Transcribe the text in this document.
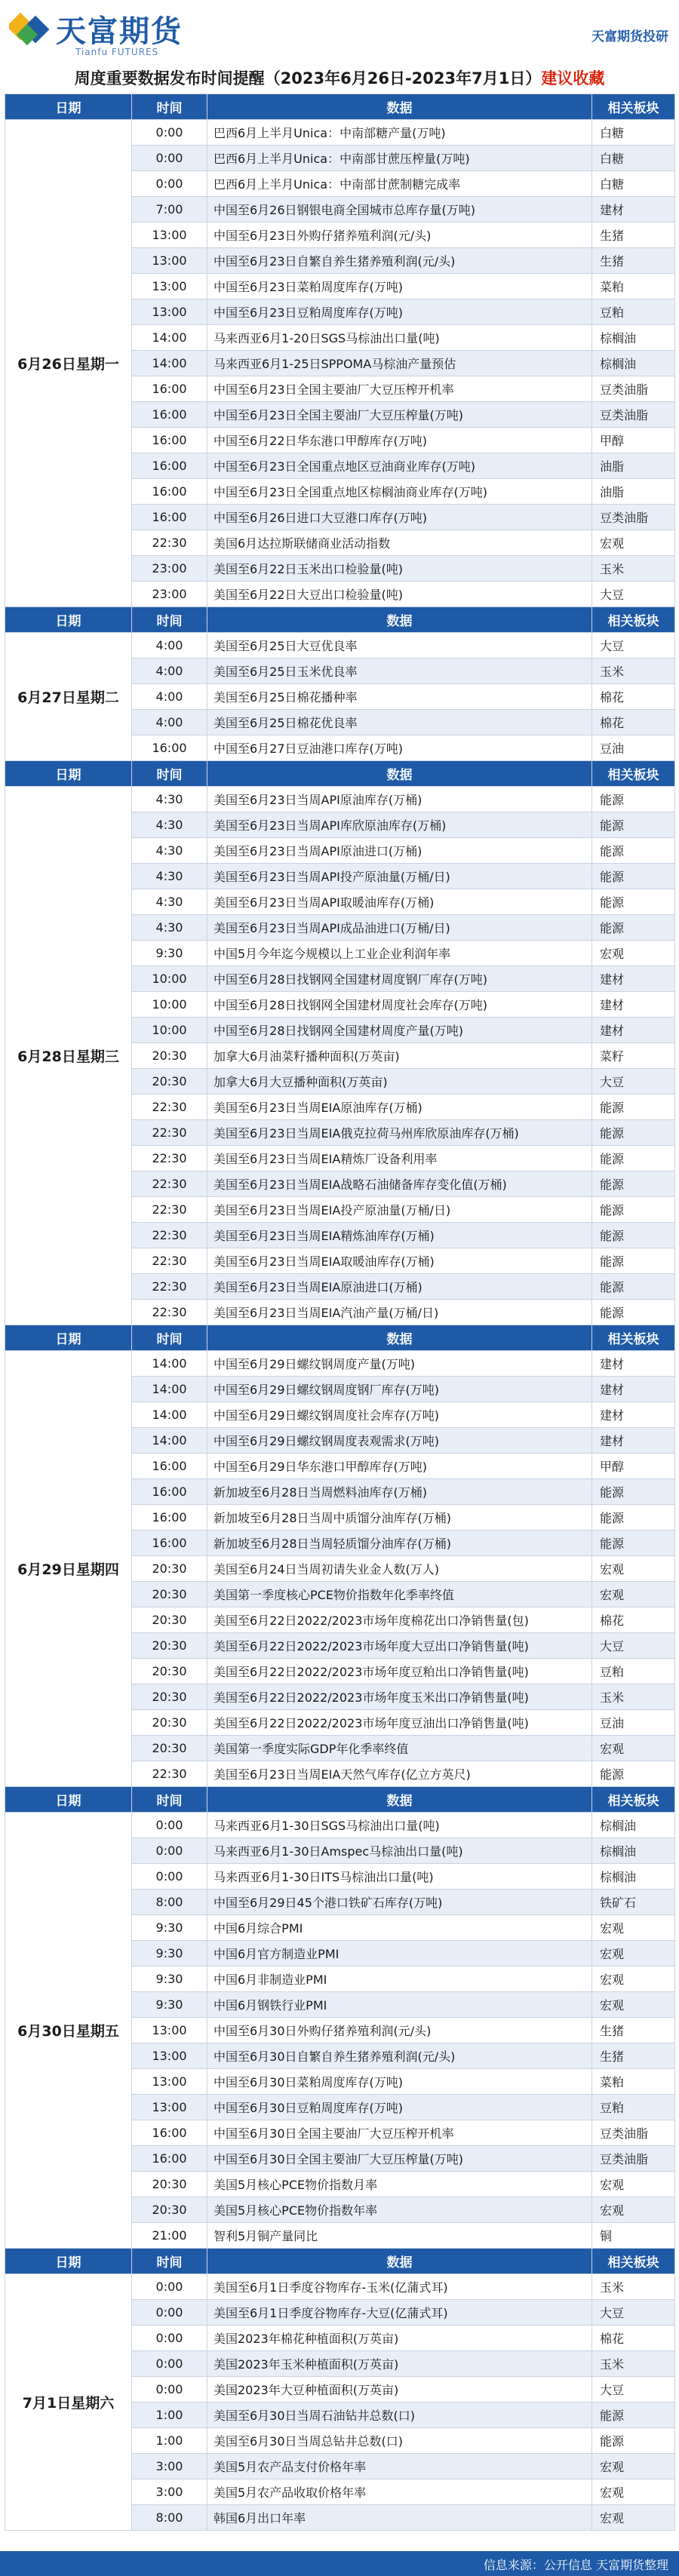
天富期货
Tianfu FUTURES
天富期货投研
周度重要数据发布时间提醒（2023年6月26日-2023年7月1日）建议收藏
日期	时间	数据	相关板块
6月26日星期一	0:00	巴西6月上半月Unica：中南部糖产量(万吨)	白糖
	0:00	巴西6月上半月Unica：中南部甘蔗压榨量(万吨)	白糖
	0:00	巴西6月上半月Unica：中南部甘蔗制糖完成率	白糖
	7:00	中国至6月26日钢银电商全国城市总库存量(万吨)	建材
	13:00	中国至6月23日外购仔猪养殖利润(元/头)	生猪
	13:00	中国至6月23日自繁自养生猪养殖利润(元/头)	生猪
	13:00	中国至6月23日菜粕周度库存(万吨)	菜粕
	13:00	中国至6月23日豆粕周度库存(万吨)	豆粕
	14:00	马来西亚6月1-20日SGS马棕油出口量(吨)	棕榈油
	14:00	马来西亚6月1-25日SPPOMA马棕油产量预估	棕榈油
	16:00	中国至6月23日全国主要油厂大豆压榨开机率	豆类油脂
	16:00	中国至6月23日全国主要油厂大豆压榨量(万吨)	豆类油脂
	16:00	中国至6月22日华东港口甲醇库存(万吨)	甲醇
	16:00	中国至6月23日全国重点地区豆油商业库存(万吨)	油脂
	16:00	中国至6月23日全国重点地区棕榈油商业库存(万吨)	油脂
	16:00	中国至6月26日进口大豆港口库存(万吨)	豆类油脂
	22:30	美国6月达拉斯联储商业活动指数	宏观
	23:00	美国至6月22日玉米出口检验量(吨)	玉米
	23:00	美国至6月22日大豆出口检验量(吨)	大豆
日期	时间	数据	相关板块
6月27日星期二	4:00	美国至6月25日大豆优良率	大豆
	4:00	美国至6月25日玉米优良率	玉米
	4:00	美国至6月25日棉花播种率	棉花
	4:00	美国至6月25日棉花优良率	棉花
	16:00	中国至6月27日豆油港口库存(万吨)	豆油
日期	时间	数据	相关板块
6月28日星期三	4:30	美国至6月23日当周API原油库存(万桶)	能源
	4:30	美国至6月23日当周API库欣原油库存(万桶)	能源
	4:30	美国至6月23日当周API原油进口(万桶)	能源
	4:30	美国至6月23日当周API投产原油量(万桶/日)	能源
	4:30	美国至6月23日当周API取暖油库存(万桶)	能源
	4:30	美国至6月23日当周API成品油进口(万桶/日)	能源
	9:30	中国5月今年迄今规模以上工业企业利润年率	宏观
	10:00	中国至6月28日找钢网全国建材周度钢厂库存(万吨)	建材
	10:00	中国至6月28日找钢网全国建材周度社会库存(万吨)	建材
	10:00	中国至6月28日找钢网全国建材周度产量(万吨)	建材
	20:30	加拿大6月油菜籽播种面积(万英亩)	菜籽
	20:30	加拿大6月大豆播种面积(万英亩)	大豆
	22:30	美国至6月23日当周EIA原油库存(万桶)	能源
	22:30	美国至6月23日当周EIA俄克拉荷马州库欣原油库存(万桶)	能源
	22:30	美国至6月23日当周EIA精炼厂设备利用率	能源
	22:30	美国至6月23日当周EIA战略石油储备库存变化值(万桶)	能源
	22:30	美国至6月23日当周EIA投产原油量(万桶/日)	能源
	22:30	美国至6月23日当周EIA精炼油库存(万桶)	能源
	22:30	美国至6月23日当周EIA取暖油库存(万桶)	能源
	22:30	美国至6月23日当周EIA原油进口(万桶)	能源
	22:30	美国至6月23日当周EIA汽油产量(万桶/日)	能源
日期	时间	数据	相关板块
6月29日星期四	14:00	中国至6月29日螺纹钢周度产量(万吨)	建材
	14:00	中国至6月29日螺纹钢周度钢厂库存(万吨)	建材
	14:00	中国至6月29日螺纹钢周度社会库存(万吨)	建材
	14:00	中国至6月29日螺纹钢周度表观需求(万吨)	建材
	16:00	中国至6月29日华东港口甲醇库存(万吨)	甲醇
	16:00	新加坡至6月28日当周燃料油库存(万桶)	能源
	16:00	新加坡至6月28日当周中质馏分油库存(万桶)	能源
	16:00	新加坡至6月28日当周轻质馏分油库存(万桶)	能源
	20:30	美国至6月24日当周初请失业金人数(万人)	宏观
	20:30	美国第一季度核心PCE物价指数年化季率终值	宏观
	20:30	美国至6月22日2022/2023市场年度棉花出口净销售量(包)	棉花
	20:30	美国至6月22日2022/2023市场年度大豆出口净销售量(吨)	大豆
	20:30	美国至6月22日2022/2023市场年度豆粕出口净销售量(吨)	豆粕
	20:30	美国至6月22日2022/2023市场年度玉米出口净销售量(吨)	玉米
	20:30	美国至6月22日2022/2023市场年度豆油出口净销售量(吨)	豆油
	20:30	美国第一季度实际GDP年化季率终值	宏观
	22:30	美国至6月23日当周EIA天然气库存(亿立方英尺)	能源
日期	时间	数据	相关板块
6月30日星期五	0:00	马来西亚6月1-30日SGS马棕油出口量(吨)	棕榈油
	0:00	马来西亚6月1-30日Amspec马棕油出口量(吨)	棕榈油
	0:00	马来西亚6月1-30日ITS马棕油出口量(吨)	棕榈油
	8:00	中国至6月29日45个港口铁矿石库存(万吨)	铁矿石
	9:30	中国6月综合PMI	宏观
	9:30	中国6月官方制造业PMI	宏观
	9:30	中国6月非制造业PMI	宏观
	9:30	中国6月钢铁行业PMI	宏观
	13:00	中国至6月30日外购仔猪养殖利润(元/头)	生猪
	13:00	中国至6月30日自繁自养生猪养殖利润(元/头)	生猪
	13:00	中国至6月30日菜粕周度库存(万吨)	菜粕
	13:00	中国至6月30日豆粕周度库存(万吨)	豆粕
	16:00	中国至6月30日全国主要油厂大豆压榨开机率	豆类油脂
	16:00	中国至6月30日全国主要油厂大豆压榨量(万吨)	豆类油脂
	20:30	美国5月核心PCE物价指数月率	宏观
	20:30	美国5月核心PCE物价指数年率	宏观
	21:00	智利5月铜产量同比	铜
日期	时间	数据	相关板块
7月1日星期六	0:00	美国至6月1日季度谷物库存-玉米(亿蒲式耳)	玉米
	0:00	美国至6月1日季度谷物库存-大豆(亿蒲式耳)	大豆
	0:00	美国2023年棉花种植面积(万英亩)	棉花
	0:00	美国2023年玉米种植面积(万英亩)	玉米
	0:00	美国2023年大豆种植面积(万英亩)	大豆
	1:00	美国至6月30日当周石油钻井总数(口)	能源
	1:00	美国至6月30日当周总钻井总数(口)	能源
	3:00	美国5月农产品支付价格年率	宏观
	3:00	美国5月农产品收取价格年率	宏观
	8:00	韩国6月出口年率	宏观
信息来源：公开信息 天富期货整理
